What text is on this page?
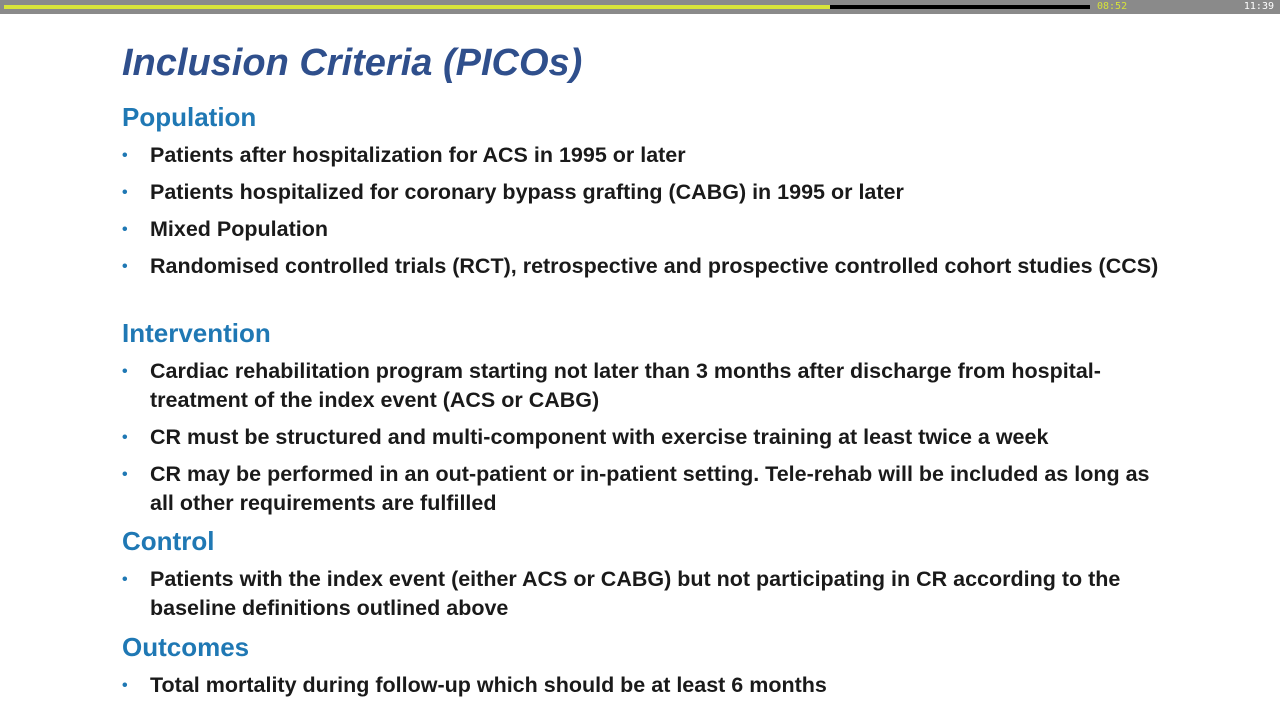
08:52	11:39
Inclusion Criteria (PICOs)
Population
•	Patients after hospitalization for ACS in 1995 or later
•	Patients hospitalized for coronary bypass grafting (CABG) in 1995 or later
•	Mixed Population
•	Randomised controlled trials (RCT), retrospective and prospective controlled cohort studies (CCS)
Intervention
•	Cardiac rehabilitation program starting not later than 3 months after discharge from hospital-treatment of the index event (ACS or CABG)
•	CR must be structured and multi-component with exercise training at least twice a week
•	CR may be performed in an out-patient or in-patient setting. Tele-rehab will be included as long as all other requirements are fulfilled
Control
•	Patients with the index event (either ACS or CABG) but not participating in CR according to the baseline definitions outlined above
Outcomes
•	Total mortality during follow-up which should be at least 6 months
